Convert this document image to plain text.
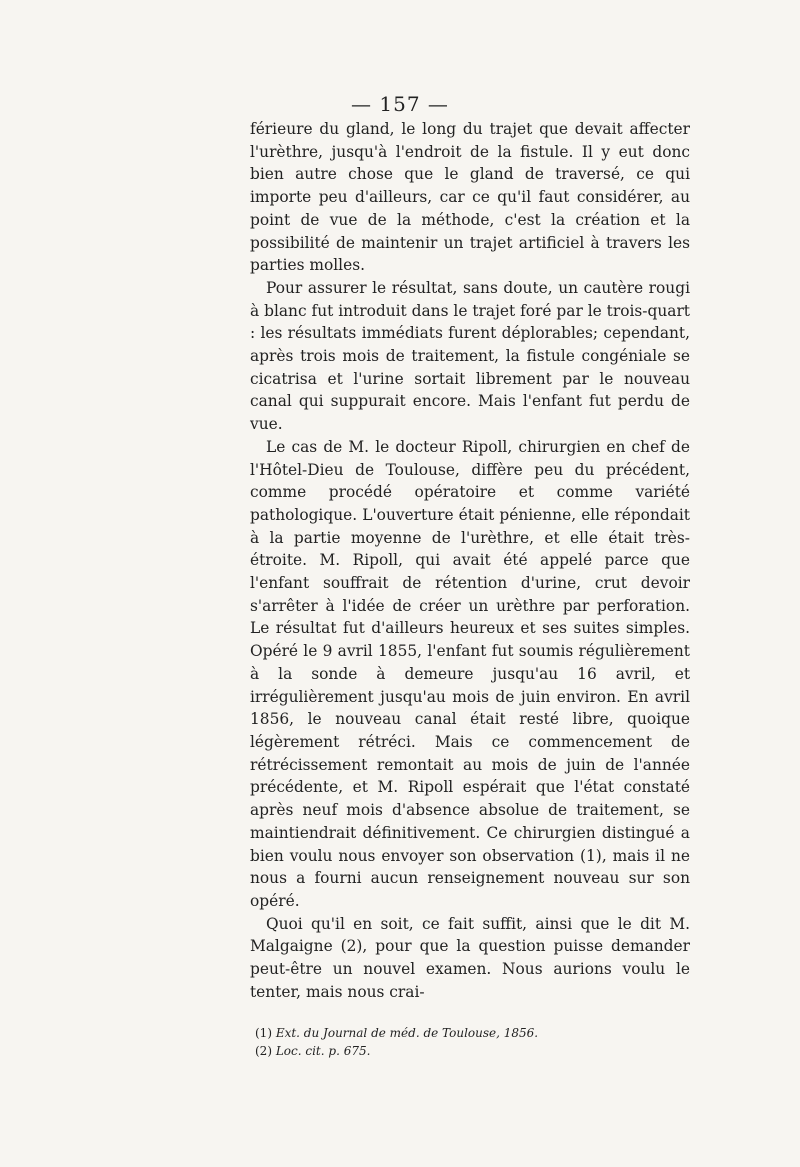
— 157 —

férieure du gland, le long du trajet que devait affecter l'urèthre, jusqu'à l'endroit de la fistule. Il y eut donc bien autre chose que le gland de traversé, ce qui importe peu d'ailleurs, car ce qu'il faut considérer, au point de vue de la méthode, c'est la création et la possibilité de maintenir un trajet artificiel à travers les parties molles.

Pour assurer le résultat, sans doute, un cautère rougi à blanc fut introduit dans le trajet foré par le trois-quart : les résultats immédiats furent déplorables; cependant, après trois mois de traitement, la fistule congéniale se cicatrisa et l'urine sortait librement par le nouveau canal qui suppurait encore. Mais l'enfant fut perdu de vue.

Le cas de M. le docteur Ripoll, chirurgien en chef de l'Hôtel-Dieu de Toulouse, diffère peu du précédent, comme procédé opératoire et comme variété pathologique. L'ouverture était pénienne, elle répondait à la partie moyenne de l'urèthre, et elle était très-étroite. M. Ripoll, qui avait été appelé parce que l'enfant souffrait de rétention d'urine, crut devoir s'arrêter à l'idée de créer un urèthre par perforation. Le résultat fut d'ailleurs heureux et ses suites simples. Opéré le 9 avril 1855, l'enfant fut soumis régulièrement à la sonde à demeure jusqu'au 16 avril, et irrégulièrement jusqu'au mois de juin environ. En avril 1856, le nouveau canal était resté libre, quoique légèrement rétréci. Mais ce commencement de rétrécissement remontait au mois de juin de l'année précédente, et M. Ripoll espérait que l'état constaté après neuf mois d'absence absolue de traitement, se maintiendrait définitivement. Ce chirurgien distingué a bien voulu nous envoyer son observation (1), mais il ne nous a fourni aucun renseignement nouveau sur son opéré.

Quoi qu'il en soit, ce fait suffit, ainsi que le dit M. Malgaigne (2), pour que la question puisse demander peut-être un nouvel examen. Nous aurions voulu le tenter, mais nous crai-

(1) Ext. du Journal de méd. de Toulouse, 1856.
(2) Loc. cit. p. 675.
